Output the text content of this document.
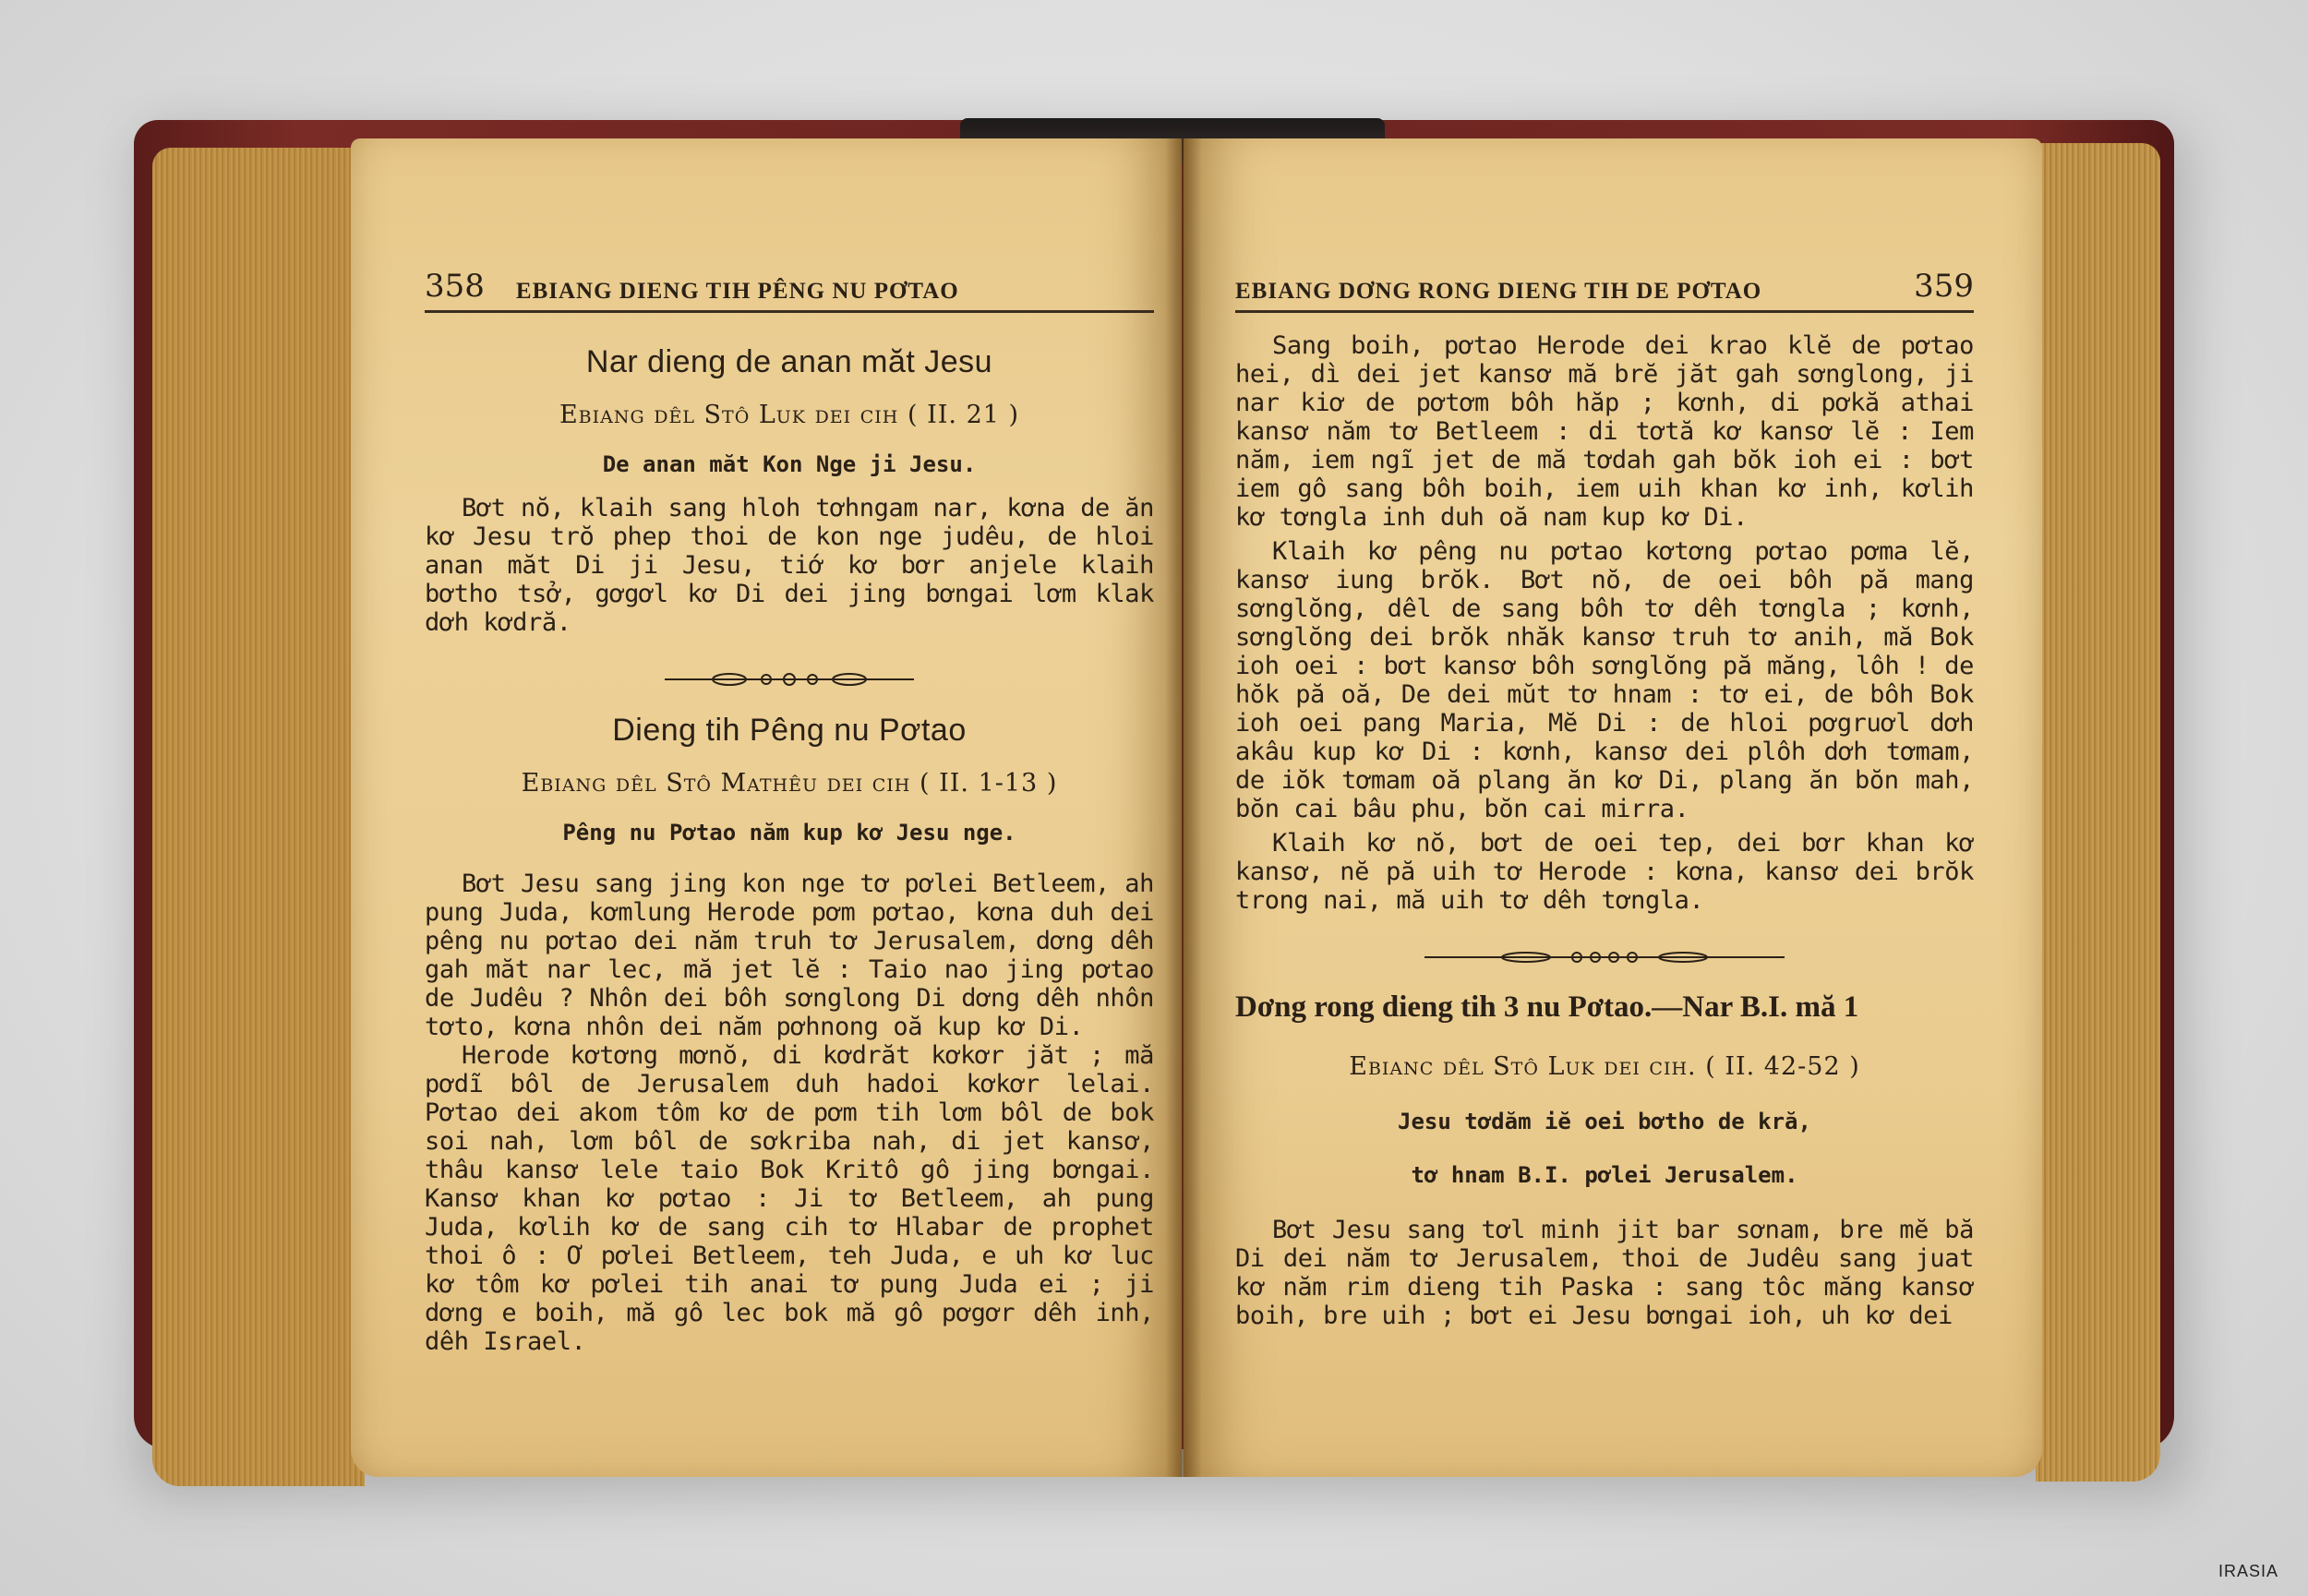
358 EBIANG DIENG TIH PÊNG NU PƠTAO
Nar dieng de anan măt Jesu
Ebiang dêl Stô Luk dei cih ( II. 21 )
De anan măt Kon Nge ji Jesu.
Bơt nŏ, klaih sang hloh tơhngam nar, kơna de ăn kơ Jesu trŏ phep thoi de kon nge judêu, de hloi anan măt Di ji Jesu, tiớ kơ bơr anjele klaih bơtho tsở, gơgơl kơ Di dei jing bơngai lơm klak dơh kơdră.
Dieng tih Pêng nu Pơtao
Ebiang dêl Stô Mathêu dei cih ( II. 1-13 )
Pêng nu Pơtao năm kup kơ Jesu nge.
Bơt Jesu sang jing kon nge tơ pơlei Betleem, ah pung Juda, kơmlung Herode pơm pơtao, kơna duh dei pêng nu pơtao dei năm truh tơ Jerusalem, dơng dêh gah măt nar lec, mă jet lĕ : Taio nao jing pơtao de Judêu ? Nhôn dei bôh sơnglong Di dơng dêh nhôn tơto, kơna nhôn dei năm pơhnong oă kup kơ Di.
Herode kơtơng mơnŏ, di kơdrăt kơkơr jăt ; mă pơdĩ bôl de Jerusalem duh hadoi kơkơr lelai. Pơtao dei akom tôm kơ de pơm tih lơm bôl de bok soi nah, lơm bôl de sơkriba nah, di jet kansơ, thâu kansơ lele taio Bok Kritô gô jing bơngai. Kansơ khan kơ pơtao : Ji tơ Betleem, ah pung Juda, kơlih kơ de sang cih tơ Hlabar de prophet thoi ô : Ơ pơlei Betleem, teh Juda, e uh kơ luc kơ tôm kơ pơlei tih anai tơ pung Juda ei ; ji dơng e boih, mă gô lec bok mă gô pơgơr dêh inh, dêh Israel.
EBIANG DƠNG RONG DIENG TIH DE PƠTAO	359
Sang boih, pơtao Herode dei krao klĕ de pơtao hei, dì dei jet kansơ mă brĕ jăt gah sơnglong, ji nar kiơ de pơtơm bôh hăp ; kơnh, di pơkă athai kansơ năm tơ Betleem : di tơtă kơ kansơ lĕ : Iem năm, iem ngĩ jet de mă tơdah gah bŏk ioh ei : bơt iem gô sang bôh boih, iem uih khan kơ inh, kơlih kơ tơngla inh duh oă nam kup kơ Di.
Klaih kơ pêng nu pơtao kơtơng pơtao pơma lĕ, kansơ iung brŏk. Bơt nŏ, de oei bôh pă mang sơnglŏng, dêl de sang bôh tơ dêh tơngla ; kơnh, sơnglŏng dei brŏk nhăk kansơ truh tơ anih, mă Bok ioh oei : bơt kansơ bôh sơnglŏng pă măng, lôh ! de hŏk pă oă, De dei mŭt tơ hnam : tơ ei, de bôh Bok ioh oei pang Maria, Mĕ Di : de hloi pơgruơl dơh akâu kup kơ Di : kơnh, kansơ dei plôh dơh tơmam, de iŏk tơmam oă plang ăn kơ Di, plang ăn bŏn mah, bŏn cai bâu phu, bŏn cai mirra.
Klaih kơ nŏ, bơt de oei tep, dei bơr khan kơ kansơ, nĕ pă uih tơ Herode : kơna, kansơ dei brŏk trong nai, mă uih tơ dêh tơngla.
Dơng rong dieng tih 3 nu Pơtao.—Nar B.I. mă 1
Ebianc dêl Stô Luk dei cih. ( II. 42-52 )
Jesu tơdăm iĕ oei bơtho de kră,
tơ hnam B.I. pơlei Jerusalem.
Bơt Jesu sang tơl minh jit bar sơnam, bre mĕ bă Di dei năm tơ Jerusalem, thoi de Judêu sang juat kơ năm rim dieng tih Paska : sang tôc măng kansơ boih, bre uih ; bơt ei Jesu bơngai ioh, uh kơ dei
IRASIA
